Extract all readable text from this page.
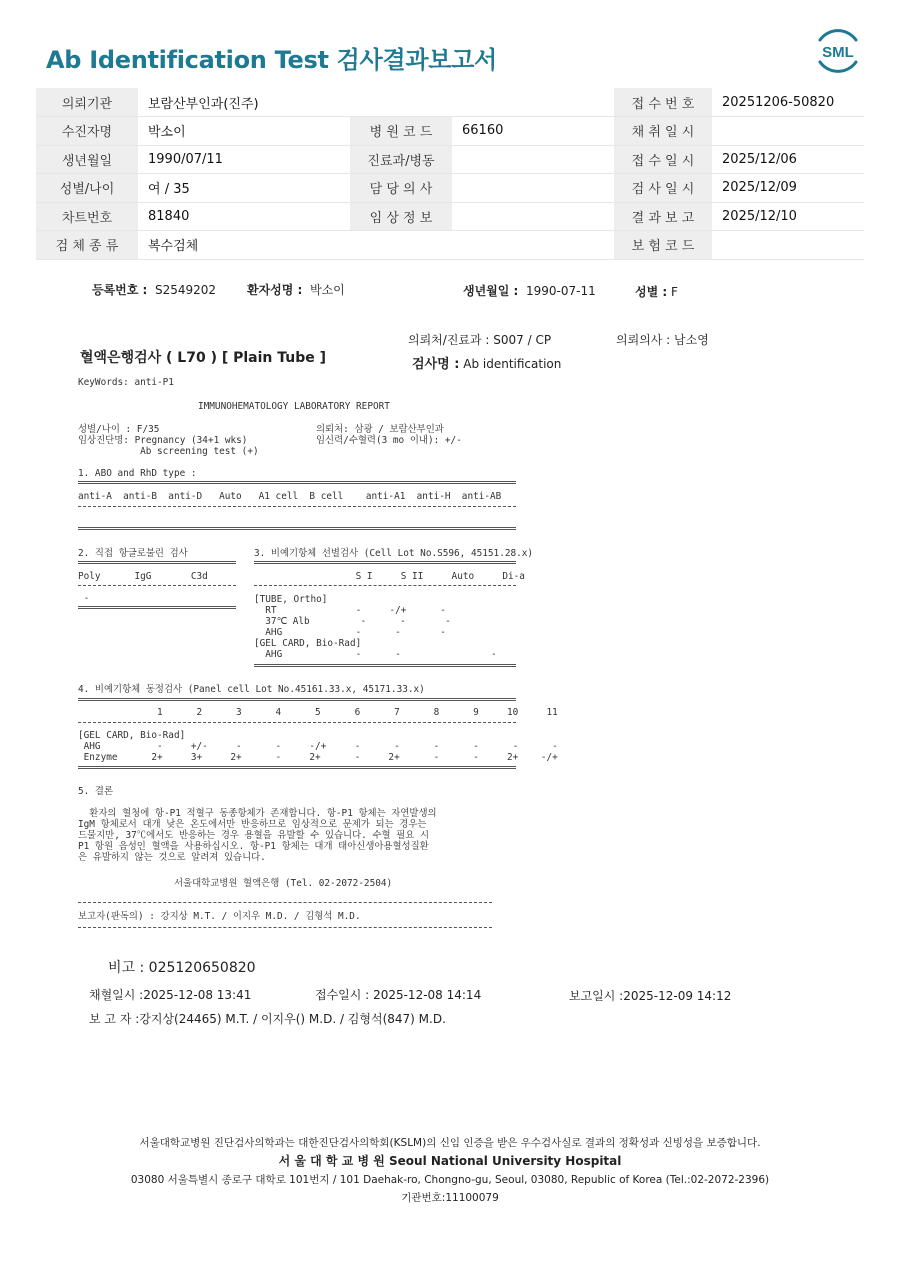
Ab Identification Test 검사결과보고서	SML
의뢰기관	보람산부인과(진주)			접 수 번 호	20251206-50820
수진자명	박소이	병 원 코 드	66160	채 취 일 시	
생년월일	1990/07/11	진료과/병동		접 수 일 시	2025/12/06
성별/나이	여 / 35	담 당 의 사		검 사 일 시	2025/12/09
차트번호	81840	임 상 정 보		결 과 보 고	2025/12/10
검 체 종 류	복수검체			보 험 코 드	
등록번호 : S2549202	환자성명 : 박소이	생년월일 : 1990-07-11	성별 : F
의뢰처/진료과 : S007 / CP	의뢰의사 : 남소영
혈액은행검사 ( L70 ) [ Plain Tube ]	검사명 : Ab identification
KeyWords: anti-P1
IMMUNOHEMATOLOGY LABORATORY REPORT
성별/나이 : F/35
임상진단명: Pregnancy (34+1 wks)
Ab screening test (+)
의뢰처: 삼광 / 보람산부인과
임신력/수혈력(3 mo 이내): +/-
1. ABO and RhD type :
anti-A  anti-B  anti-D   Auto   A1 cell  B cell    anti-A1  anti-H  anti-AB
2. 직접 항글로불린 검사
Poly      IgG       C3d
-
3. 비예기항체 선별검사 (Cell Lot No.S596, 45151.28.x)
S I     S II     Auto     Di-a
[TUBE, Ortho]
RT              -     -/+      -
37℃ Alb         -      -       -
AHG             -      -       -
[GEL CARD, Bio-Rad]
AHG             -      -                -
4. 비예기항체 동정검사 (Panel cell Lot No.45161.33.x, 45171.33.x)
1      2      3      4      5      6      7      8      9     10     11
[GEL CARD, Bio-Rad]
AHG          -     +/-     -      -     -/+     -      -      -      -      -      -
Enzyme      2+     3+     2+      -     2+      -     2+      -      -     2+    -/+
5. 결론
환자의 혈청에 항-P1 적혈구 동종항체가 존재합니다. 항-P1 항체는 자연발생의
IgM 항체로서 대개 낮은 온도에서만 반응하므로 임상적으로 문제가 되는 경우는
드물지만, 37℃에서도 반응하는 경우 용혈을 유발할 수 있습니다. 수혈 필요 시
P1 항원 음성인 혈액을 사용하십시오. 항-P1 항체는 대개 태아신생아용혈성질환
은 유발하지 않는 것으로 알려져 있습니다.
서울대학교병원 혈액은행 (Tel. 02-2072-2504)
보고자(판독의) : 강지상 M.T. / 이지우 M.D. / 김형석 M.D.
비고 : 025120650820
채혈일시 :2025-12-08 13:41	접수일시 : 2025-12-08 14:14	보고일시 :2025-12-09 14:12
보 고 자 :강지상(24465) M.T. / 이지우() M.D. / 김형석(847) M.D.
서울대학교병원 진단검사의학과는 대한진단검사의학회(KSLM)의 신임 인증을 받은 우수검사실로 결과의 정확성과 신빙성을 보증합니다.
서 울 대 학 교 병 원 Seoul National University Hospital
03080 서울특별시 종로구 대학로 101번지 / 101 Daehak-ro, Chongno-gu, Seoul, 03080, Republic of Korea (Tel.:02-2072-2396)
기관번호:11100079
